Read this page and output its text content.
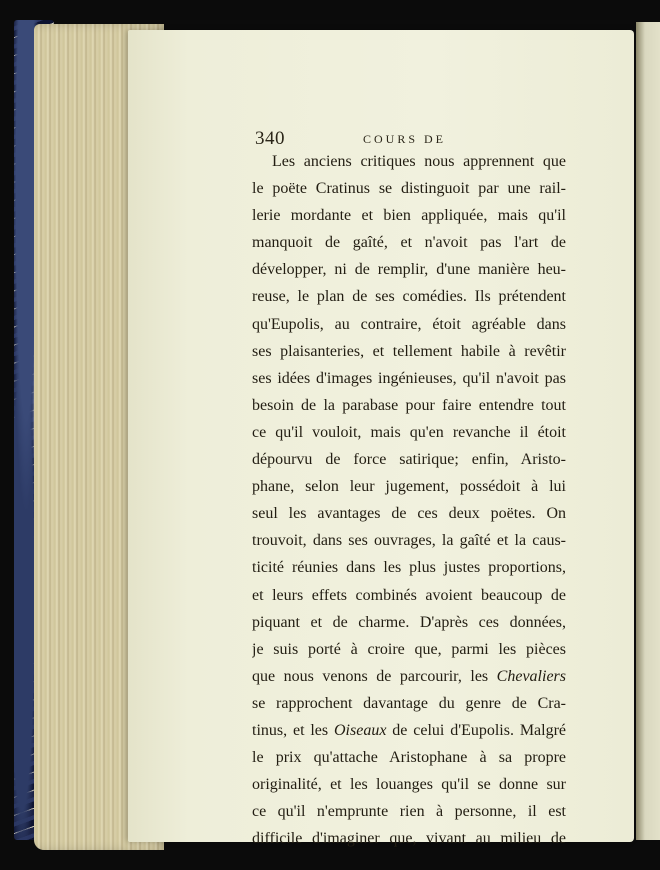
340	COURS DE
Les anciens critiques nous apprennent que
le poëte Cratinus se distinguoit par une rail-
lerie mordante et bien appliquée, mais qu'il
manquoit de gaîté, et n'avoit pas l'art de
développer, ni de remplir, d'une manière heu-
reuse, le plan de ses comédies. Ils prétendent
qu'Eupolis, au contraire, étoit agréable dans
ses plaisanteries, et tellement habile à revêtir
ses idées d'images ingénieuses, qu'il n'avoit pas
besoin de la parabase pour faire entendre tout
ce qu'il vouloit, mais qu'en revanche il étoit
dépourvu de force satirique; enfin, Aristo-
phane, selon leur jugement, possédoit à lui
seul les avantages de ces deux poëtes. On
trouvoit, dans ses ouvrages, la gaîté et la caus-
ticité réunies dans les plus justes proportions,
et leurs effets combinés avoient beaucoup de
piquant et de charme. D'après ces données,
je suis porté à croire que, parmi les pièces
que nous venons de parcourir, les Chevaliers
se rapprochent davantage du genre de Cra-
tinus, et les Oiseaux de celui d'Eupolis. Malgré
le prix qu'attache Aristophane à sa propre
originalité, et les louanges qu'il se donne sur
ce qu'il n'emprunte rien à personne, il est
difficile d'imaginer que, vivant au milieu de
